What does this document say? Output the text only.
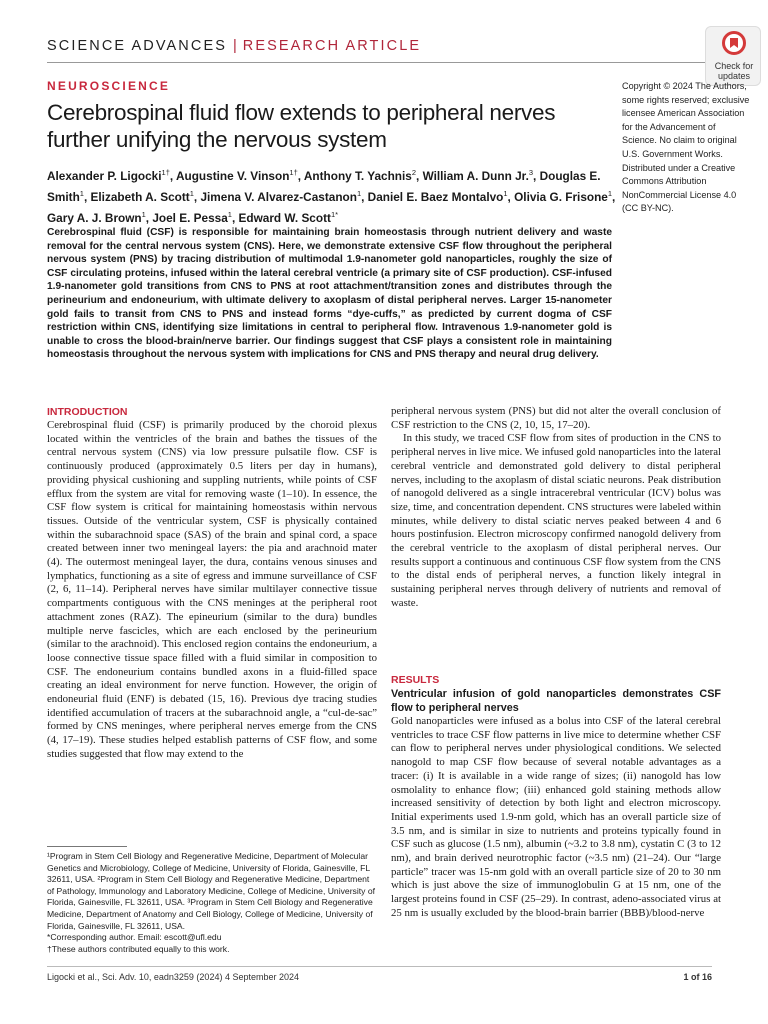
SCIENCE ADVANCES | RESEARCH ARTICLE
Check for
updates
NEUROSCIENCE
Cerebrospinal fluid flow extends to peripheral nerves further unifying the nervous system
Alexander P. Ligocki$^{1\dagger}$, Augustine V. Vinson$^{1\dagger}$, Anthony T. Yachnis$^2$, William A. Dunn Jr.$^3$, Douglas E. Smith$^1$, Elizabeth A. Scott$^1$, Jimena V. Alvarez-Castanon$^1$, Daniel E. Baez Montalvo$^1$, Olivia G. Frisone$^1$, Gary A. J. Brown$^1$, Joel E. Pessa$^1$, Edward W. Scott$^{1*}$
Copyright © 2024 The Authors, some rights reserved; exclusive licensee American Association for the Advancement of Science. No claim to original U.S. Government Works. Distributed under a Creative Commons Attribution NonCommercial License 4.0 (CC BY-NC).
Cerebrospinal fluid (CSF) is responsible for maintaining brain homeostasis through nutrient delivery and waste removal for the central nervous system (CNS). Here, we demonstrate extensive CSF flow throughout the peripheral nervous system (PNS) by tracing distribution of multimodal 1.9-nanometer gold nanoparticles, roughly the size of CSF circulating proteins, infused within the lateral cerebral ventricle (a primary site of CSF production). CSF-infused 1.9-nanometer gold transitions from CNS to PNS at root attachment/transition zones and distributes through the perineurium and endoneurium, with ultimate delivery to axoplasm of distal peripheral nerves. Larger 15-nanometer gold fails to transit from CNS to PNS and instead forms “dye-cuffs,” as predicted by current dogma of CSF restriction within CNS, identifying size limitations in central to peripheral flow. Intravenous 1.9-nanometer gold is unable to cross the blood-brain/nerve barrier. Our findings suggest that CSF plays a consistent role in maintaining homeostasis throughout the nervous system with implications for CNS and PNS therapy and neural drug delivery.
INTRODUCTION

Cerebrospinal fluid (CSF) is primarily produced by the choroid plexus located within the ventricles of the brain and bathes the tissues of the central nervous system (CNS) via low pressure pulsatile flow. CSF is continuously produced (approximately 0.5 liters per day in humans), providing physical cushioning and suppling nutrients, while points of CSF efflux from the system are vital for removing waste (1–10). In essence, the CSF flow system is critical for maintaining homeostasis within nervous tissues. Outside of the ventricular system, CSF is physically contained within the subarachnoid space (SAS) of the brain and spinal cord, a space created between inner two meningeal layers: the pia and arachnoid mater (4). The outermost meningeal layer, the dura, contains venous sinuses and lymphatics, functioning as a site of egress and immune surveillance of CSF (2, 6, 11–14). Peripheral nerves have similar multilayer connective tissue compartments contiguous with the CNS meninges at the peripheral root attachment zones (RAZ). The epineurium (similar to the dura) bundles multiple nerve fascicles, which are each enclosed by the perineurium (similar to the arachnoid). This enclosed region contains the endoneurium, a loose connective tissue space filled with a fluid similar in composition to CSF. The endoneurium contains bundled axons in a fluid-filled space creating an ideal environment for nerve function. However, the origin of endoneurial fluid (ENF) is debated (15, 16). Previous dye tracing studies identified accumulation of tracers at the subarachnoid angle, a “cul-de-sac” formed by CNS meninges, where peripheral nerves emerge from the CNS (4, 17–19). These studies helped establish patterns of CSF flow, and some studies suggested that flow may extend to the

peripheral nervous system (PNS) but did not alter the overall conclusion of CSF restriction to the CNS (2, 10, 15, 17–20).

In this study, we traced CSF flow from sites of production in the CNS to peripheral nerves in live mice. We infused gold nanoparticles into the lateral cerebral ventricle and demonstrated gold delivery to distal peripheral nerves, including to the axoplasm of distal sciatic neurons. Peak distribution of nanogold delivered as a single intracerebral ventricular (ICV) bolus was size, time, and concentration dependent. CNS structures were labeled within minutes, while delivery to distal sciatic nerves peaked between 4 and 6 hours postinfusion. Electron microscopy confirmed nanogold delivery from the cerebral ventricle to the axoplasm of distal peripheral nerves. Our results support a continuous and continuous CSF flow system from the CNS to the distal ends of peripheral nerves, a function likely integral in sustaining peripheral nerves through delivery of nutrients and removal of waste.

RESULTS
Ventricular infusion of gold nanoparticles demonstrates CSF flow to peripheral nerves

Gold nanoparticles were infused as a bolus into CSF of the lateral cerebral ventricles to trace CSF flow patterns in live mice to determine whether CSF can flow to peripheral nerves under physiological conditions. We selected nanogold to map CSF flow because of several notable advantages as a tracer: (i) It is available in a wide range of sizes; (ii) nanogold has low osmolality to enhance flow; (iii) enhanced gold staining methods allow increased sensitivity of detection by both light and electron microscopy. Initial experiments used 1.9-nm gold, which has an overall particle size of 3.5 nm, and is similar in size to nutrients and proteins typically found in CSF such as glucose (1.5 nm), albumin (~3.2 to 3.8 nm), cystatin C (3 to 12 nm), and brain derived neurotrophic factor (~3.5 nm) (21–24). Our “large particle” tracer was 15-nm gold with an overall particle size of 20 to 30 nm which is just above the size of immunoglobulin G at 15 nm, one of the largest proteins found in CSF (25–29). In contrast, adeno-associated virus at 25 nm is usually excluded by the blood-brain barrier (BBB)/blood-nerve

¹Program in Stem Cell Biology and Regenerative Medicine, Department of Molecular Genetics and Microbiology, College of Medicine, University of Florida, Gainesville, FL 32611, USA. ²Program in Stem Cell Biology and Regenerative Medicine, Department of Pathology, Immunology and Laboratory Medicine, College of Medicine, University of Florida, Gainesville, FL 32611, USA. ³Program in Stem Cell Biology and Regenerative Medicine, Department of Anatomy and Cell Biology, College of Medicine, University of Florida, Gainesville, FL 32611, USA.

*Corresponding author. Email: escott@ufl.edu

†These authors contributed equally to this work.

Ligocki et al., Sci. Adv. 10, eadn3259 (2024) 4 September 2024	1 of 16
